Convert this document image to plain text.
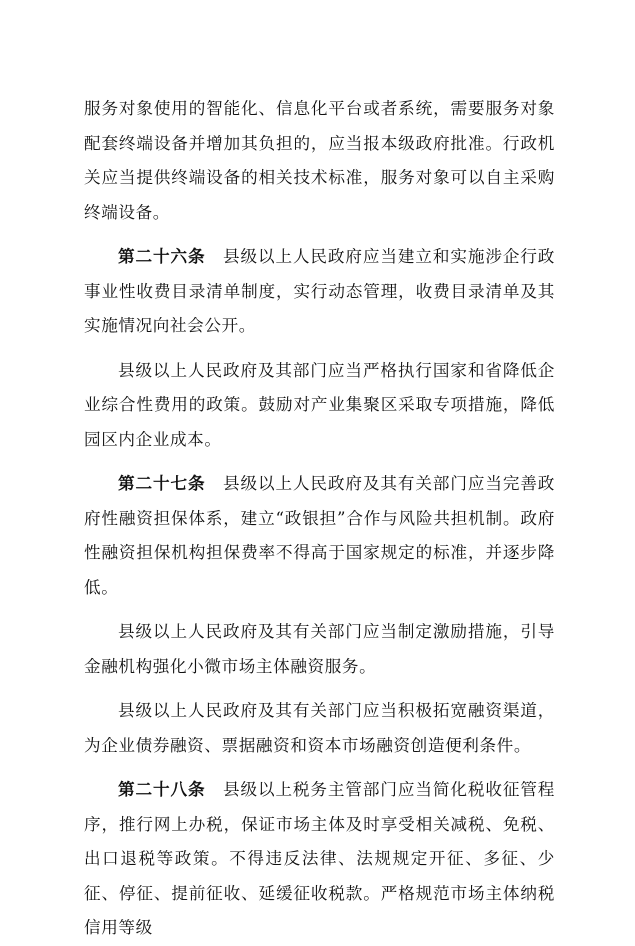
服务对象使用的智能化、信息化平台或者系统，需要服务对象配套终端设备并增加其负担的，应当报本级政府批准。行政机关应当提供终端设备的相关技术标准，服务对象可以自主采购终端设备。

第二十六条　 县级以上人民政府应当建立和实施涉企行政事业性收费目录清单制度，实行动态管理，收费目录清单及其实施情况向社会公开。

县级以上人民政府及其部门应当严格执行国家和省降低企业综合性费用的政策。鼓励对产业集聚区采取专项措施，降低园区内企业成本。

第二十七条　 县级以上人民政府及其有关部门应当完善政府性融资担保体系，建立“政银担”合作与风险共担机制。政府性融资担保机构担保费率不得高于国家规定的标准，并逐步降低。

县级以上人民政府及其有关部门应当制定激励措施，引导金融机构强化小微市场主体融资服务。

县级以上人民政府及其有关部门应当积极拓宽融资渠道，为企业债券融资、票据融资和资本市场融资创造便利条件。

第二十八条　 县级以上税务主管部门应当简化税收征管程序，推行网上办税，保证市场主体及时享受相关减税、免税、出口退税等政策。不得违反法律、法规规定开征、多征、少征、停征、提前征收、延缓征收税款。严格规范市场主体纳税信用等级
